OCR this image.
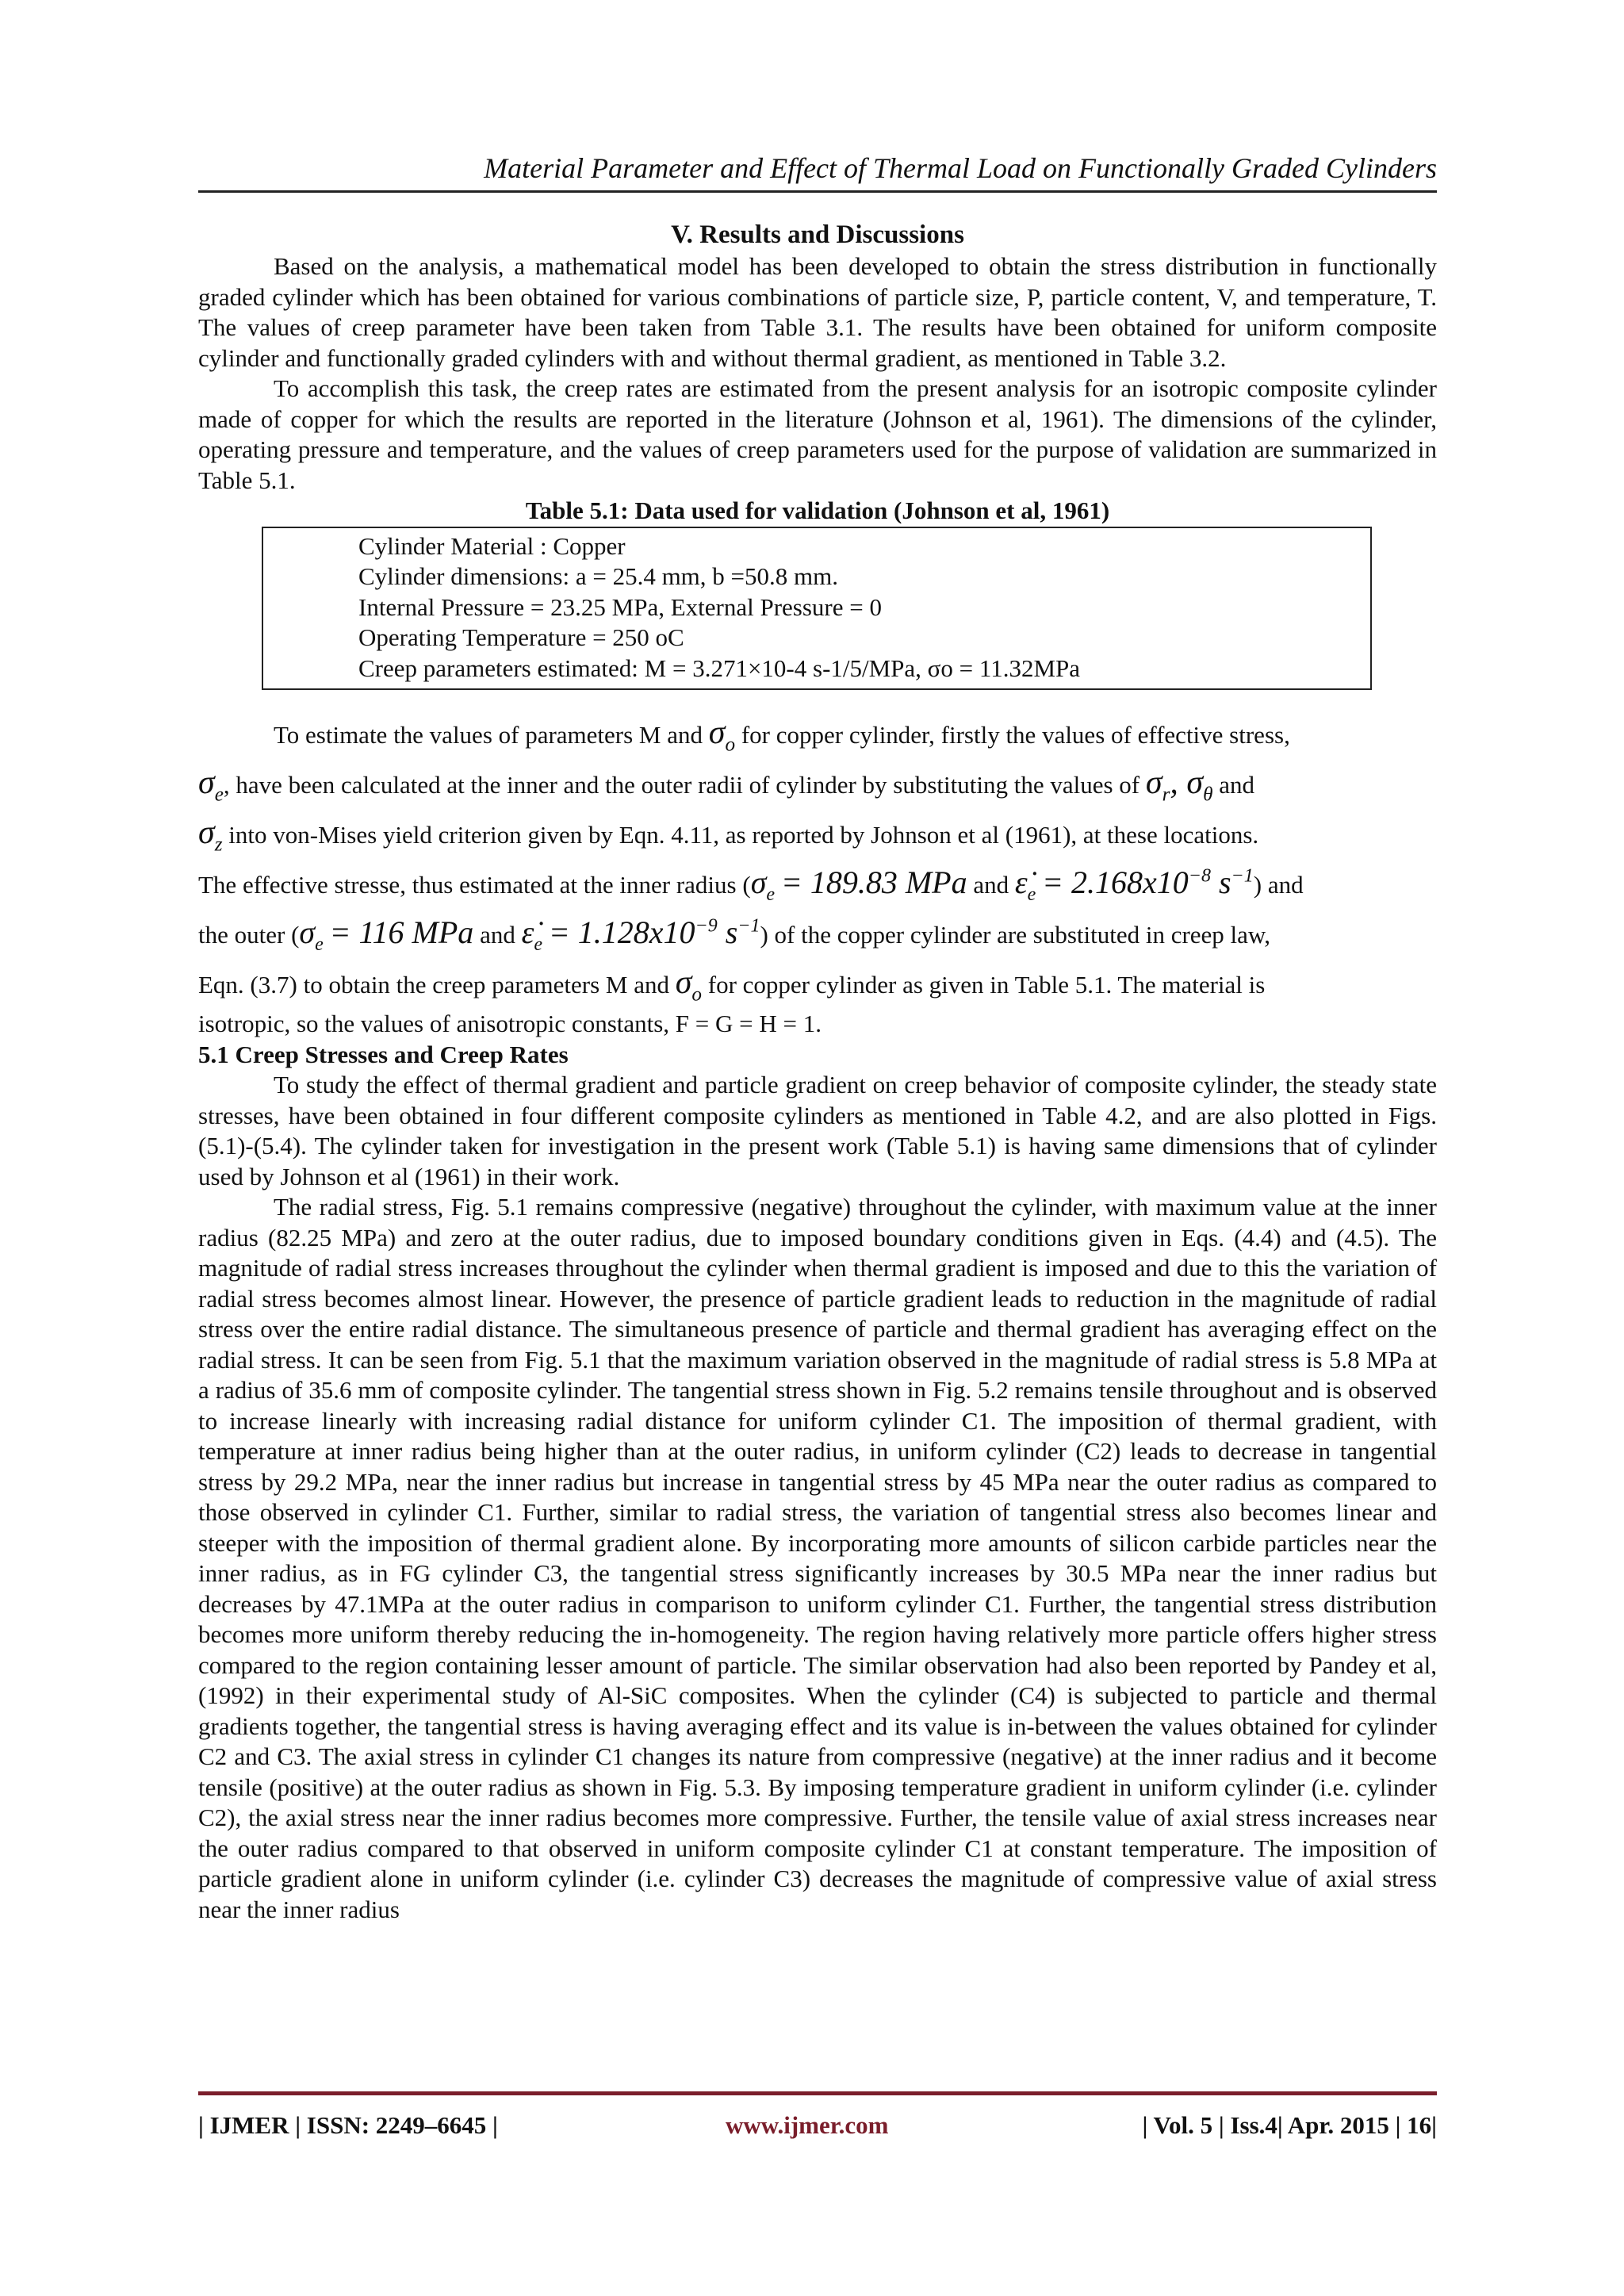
Material Parameter and Effect of Thermal Load on Functionally Graded Cylinders
V. Results and Discussions

Based on the analysis, a mathematical model has been developed to obtain the stress distribution in functionally graded cylinder which has been obtained for various combinations of particle size, P, particle content, V, and temperature, T. The values of creep parameter have been taken from Table 3.1. The results have been obtained for uniform composite cylinder and functionally graded cylinders with and without thermal gradient, as mentioned in Table 3.2.

To accomplish this task, the creep rates are estimated from the present analysis for an isotropic composite cylinder made of copper for which the results are reported in the literature (Johnson et al, 1961). The dimensions of the cylinder, operating pressure and temperature, and the values of creep parameters used for the purpose of validation are summarized in Table 5.1.

Table 5.1: Data used for validation (Johnson et al, 1961)

Cylinder Material : Copper
Cylinder dimensions: a = 25.4 mm, b =50.8 mm.
Internal Pressure = 23.25 MPa, External Pressure = 0
Operating Temperature = 250 oC
Creep parameters estimated: M = 3.271×10-4 s-1/5/MPa, σo = 11.32MPa

To estimate the values of parameters M and $\sigma_o$ for copper cylinder, firstly the values of effective stress,

$\sigma_e$, have been calculated at the inner and the outer radii of cylinder by substituting the values of $\sigma_r$, $\sigma_\theta$ and

$\sigma_z$ into von-Mises yield criterion given by Eqn. 4.11, as reported by Johnson et al (1961), at these locations.

The effective stresse, thus estimated at the inner radius ($\sigma_e = 189.83$ MPa and $\varepsiloṅ_e = 2.168x10^{-8}$ $s^{-1}$) and

the outer ($\sigma_e = 116$ MPa and $\varepsiloṅ_e = 1.128x10^{-9}$ $s^{-1}$) of the copper cylinder are substituted in creep law,

Eqn. (3.7) to obtain the creep parameters M and $\sigma_o$ for copper cylinder as given in Table 5.1. The material is

isotropic, so the values of anisotropic constants, F = G = H = 1.

5.1 Creep Stresses and Creep Rates

To study the effect of thermal gradient and particle gradient on creep behavior of composite cylinder, the steady state stresses, have been obtained in four different composite cylinders as mentioned in Table 4.2, and are also plotted in Figs. (5.1)-(5.4). The cylinder taken for investigation in the present work (Table 5.1) is having same dimensions that of cylinder used by Johnson et al (1961) in their work.

The radial stress, Fig. 5.1 remains compressive (negative) throughout the cylinder, with maximum value at the inner radius (82.25 MPa) and zero at the outer radius, due to imposed boundary conditions given in Eqs. (4.4) and (4.5). The magnitude of radial stress increases throughout the cylinder when thermal gradient is imposed and due to this the variation of radial stress becomes almost linear. However, the presence of particle gradient leads to reduction in the magnitude of radial stress over the entire radial distance. The simultaneous presence of particle and thermal gradient has averaging effect on the radial stress. It can be seen from Fig. 5.1 that the maximum variation observed in the magnitude of radial stress is 5.8 MPa at a radius of 35.6 mm of composite cylinder. The tangential stress shown in Fig. 5.2 remains tensile throughout and is observed to increase linearly with increasing radial distance for uniform cylinder C1. The imposition of thermal gradient, with temperature at inner radius being higher than at the outer radius, in uniform cylinder (C2) leads to decrease in tangential stress by 29.2 MPa, near the inner radius but increase in tangential stress by 45 MPa near the outer radius as compared to those observed in cylinder C1. Further, similar to radial stress, the variation of tangential stress also becomes linear and steeper with the imposition of thermal gradient alone. By incorporating more amounts of silicon carbide particles near the inner radius, as in FG cylinder C3, the tangential stress significantly increases by 30.5 MPa near the inner radius but decreases by 47.1MPa at the outer radius in comparison to uniform cylinder C1. Further, the tangential stress distribution becomes more uniform thereby reducing the in-homogeneity. The region having relatively more particle offers higher stress compared to the region containing lesser amount of particle. The similar observation had also been reported by Pandey et al, (1992) in their experimental study of Al-SiC composites. When the cylinder (C4) is subjected to particle and thermal gradients together, the tangential stress is having averaging effect and its value is in-between the values obtained for cylinder C2 and C3. The axial stress in cylinder C1 changes its nature from compressive (negative) at the inner radius and it become tensile (positive) at the outer radius as shown in Fig. 5.3. By imposing temperature gradient in uniform cylinder (i.e. cylinder C2), the axial stress near the inner radius becomes more compressive. Further, the tensile value of axial stress increases near the outer radius compared to that observed in uniform composite cylinder C1 at constant temperature. The imposition of particle gradient alone in uniform cylinder (i.e. cylinder C3) decreases the magnitude of compressive value of axial stress near the inner radius

| IJMER | ISSN: 2249–6645 |	www.ijmer.com	| Vol. 5 | Iss.4| Apr. 2015 | 16|
